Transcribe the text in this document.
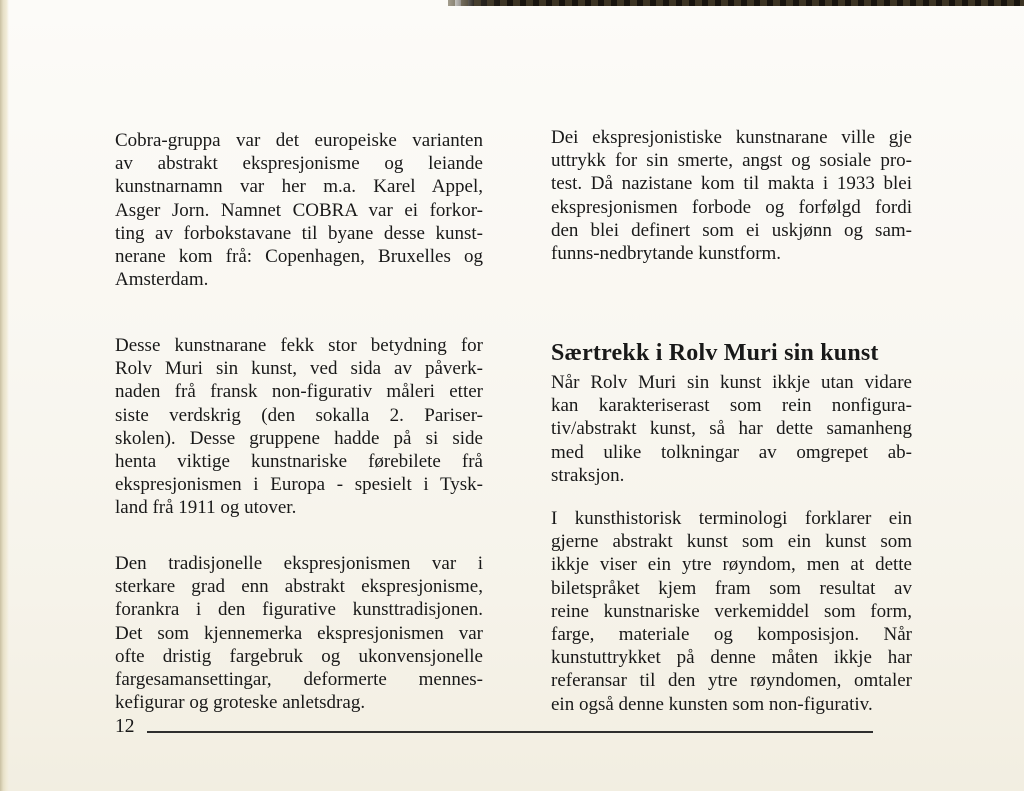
Cobra-gruppa var det europeiske varianten
av abstrakt ekspresjonisme og leiande
kunstnarnamn var her m.a. Karel Appel,
Asger Jorn. Namnet COBRA var ei forkor-
ting av forbokstavane til byane desse kunst-
nerane kom frå: Copenhagen, Bruxelles og
Amsterdam.
Desse kunstnarane fekk stor betydning for
Rolv Muri sin kunst, ved sida av påverk-
naden frå fransk non-figurativ måleri etter
siste verdskrig (den sokalla 2. Pariser-
skolen). Desse gruppene hadde på si side
henta viktige kunstnariske førebilete frå
ekspresjonismen i Europa - spesielt i Tysk-
land frå 1911 og utover.
Den tradisjonelle ekspresjonismen var i
sterkare grad enn abstrakt ekspresjonisme,
forankra i den figurative kunsttradisjonen.
Det som kjennemerka ekspresjonismen var
ofte dristig fargebruk og ukonvensjonelle
fargesamansettingar, deformerte mennes-
kefigurar og groteske anletsdrag.
Dei ekspresjonistiske kunstnarane ville gje
uttrykk for sin smerte, angst og sosiale pro-
test. Då nazistane kom til makta i 1933 blei
ekspresjonismen forbode og forfølgd fordi
den blei definert som ei uskjønn og sam-
funns-nedbrytande kunstform.
Særtrekk i Rolv Muri sin kunst
Når Rolv Muri sin kunst ikkje utan vidare
kan karakteriserast som rein nonfigura-
tiv/abstrakt kunst, så har dette samanheng
med ulike tolkningar av omgrepet ab-
straksjon.
I kunsthistorisk terminologi forklarer ein
gjerne abstrakt kunst som ein kunst som
ikkje viser ein ytre røyndom, men at dette
biletspråket kjem fram som resultat av
reine kunstnariske verkemiddel som form,
farge, materiale og komposisjon. Når
kunstuttrykket på denne måten ikkje har
referansar til den ytre røyndomen, omtaler
ein også denne kunsten som non-figurativ.
12
